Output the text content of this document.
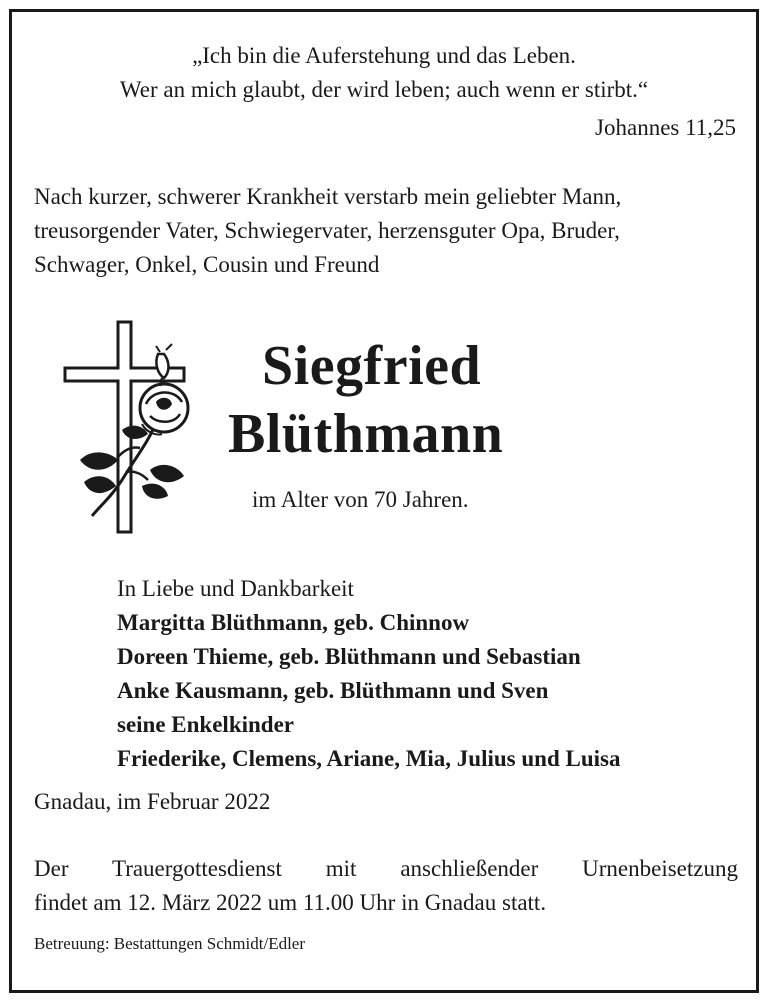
„Ich bin die Auferstehung und das Leben.
Wer an mich glaubt, der wird leben; auch wenn er stirbt.“
Johannes 11,25
Nach kurzer, schwerer Krankheit verstarb mein geliebter Mann,
treusorgender Vater, Schwiegervater, herzensguter Opa, Bruder,
Schwager, Onkel, Cousin und Freund
Siegfried
Blüthmann
im Alter von 70 Jahren.
In Liebe und Dankbarkeit
Margitta Blüthmann, geb. Chinnow
Doreen Thieme, geb. Blüthmann und Sebastian
Anke Kausmann, geb. Blüthmann und Sven
seine Enkelkinder
Friederike, Clemens, Ariane, Mia, Julius und Luisa
Gnadau, im Februar 2022
Der Trauergottesdienst mit anschließender Urnenbeisetzung
findet am 12. März 2022 um 11.00 Uhr in Gnadau statt.
Betreuung: Bestattungen Schmidt/Edler
